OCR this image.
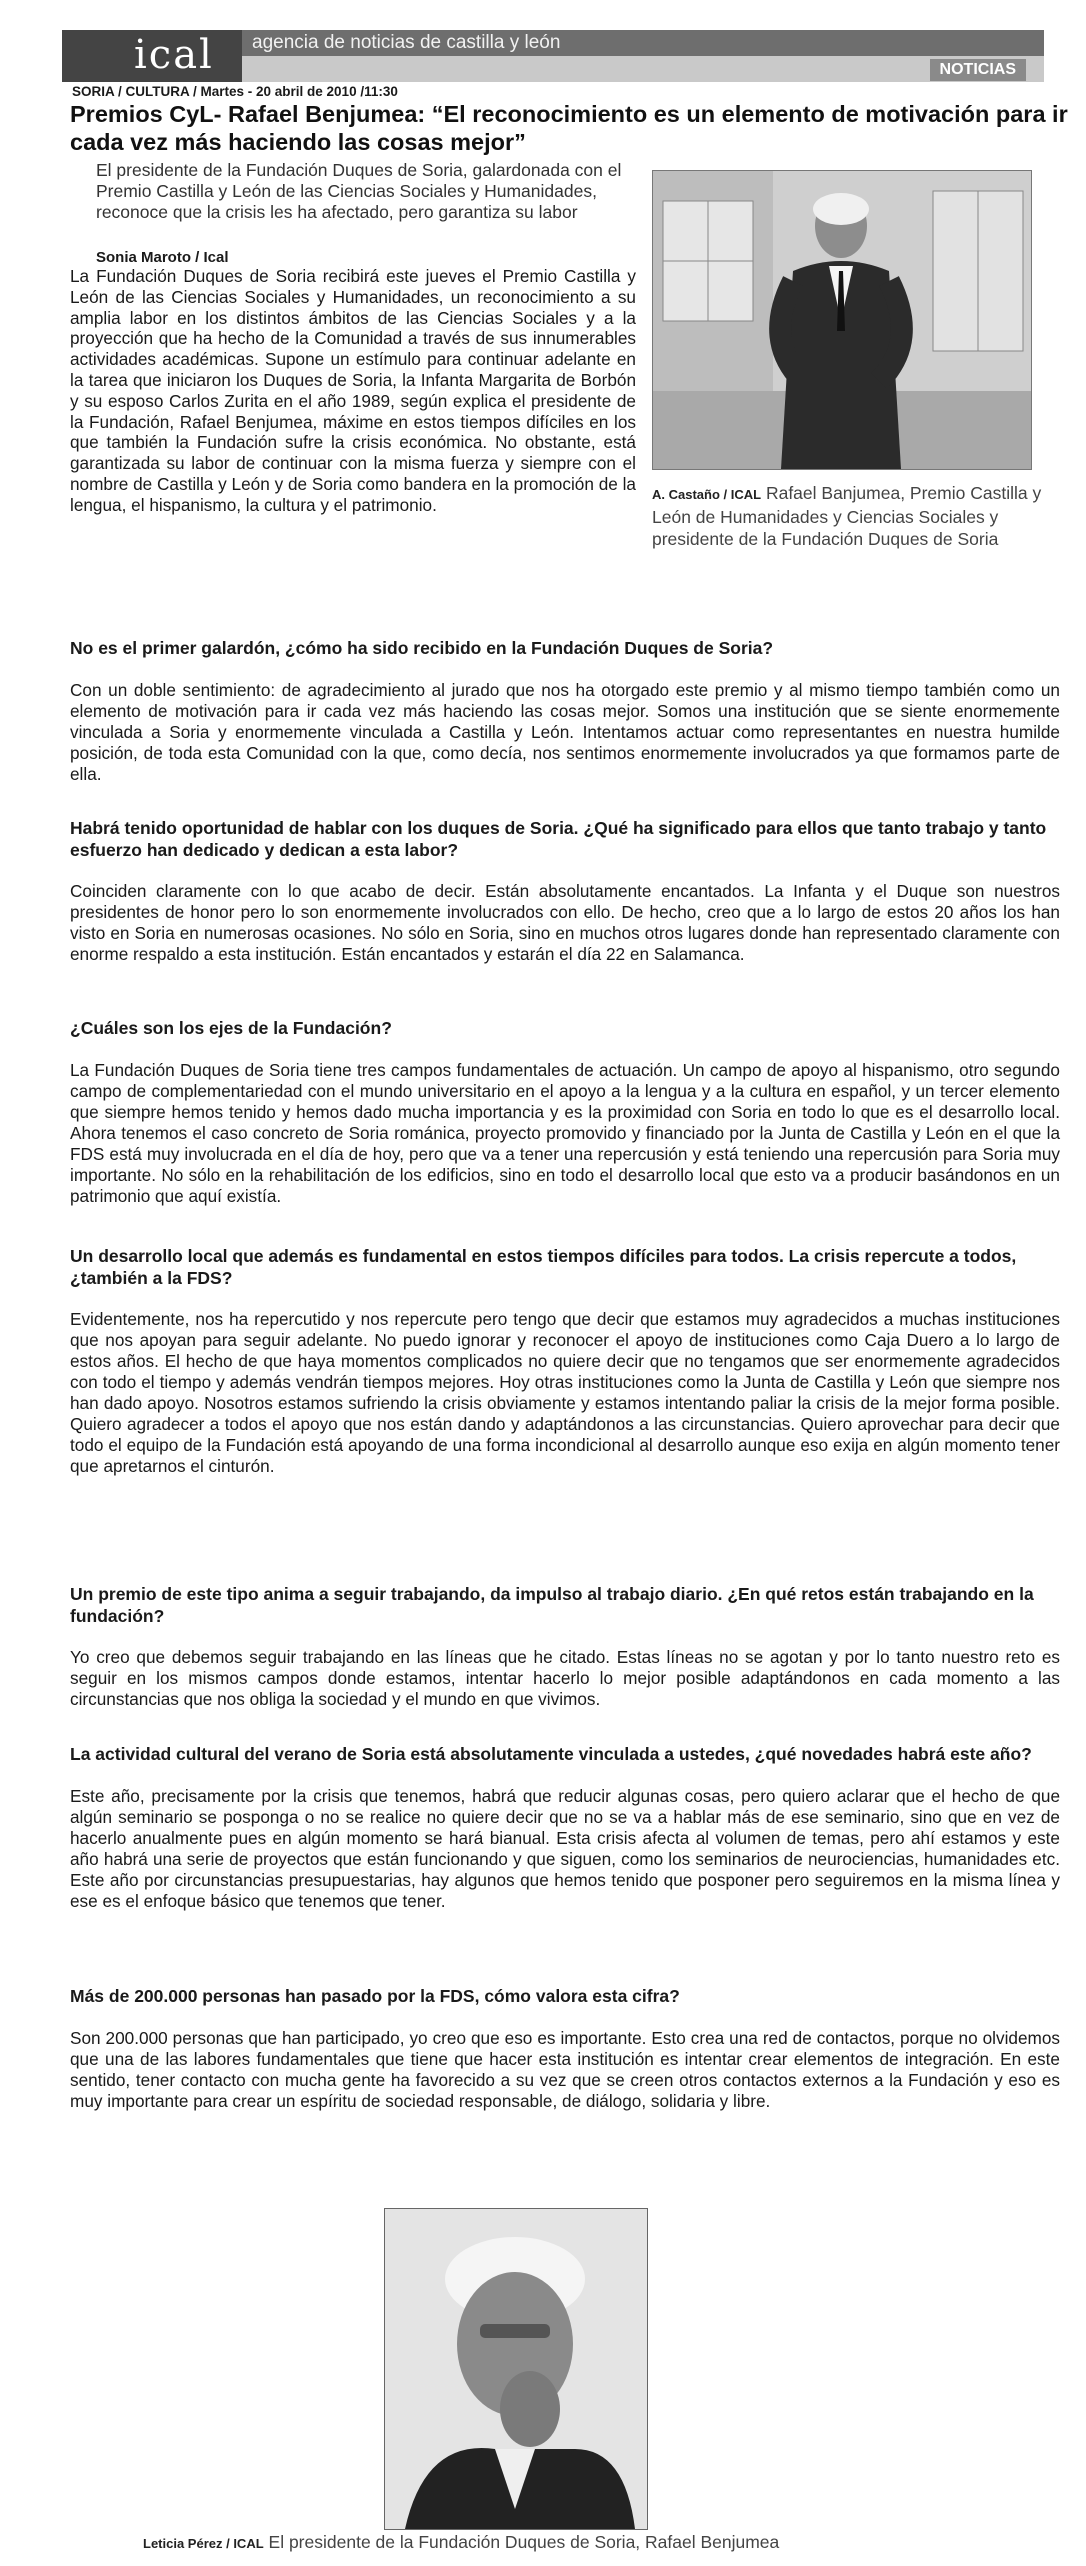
ical agencia de noticias de castilla y león
NOTICIAS
SORIA / CULTURA / Martes - 20 abril de 2010 /11:30
Premios CyL- Rafael Benjumea: “El reconocimiento es un elemento de motivación para ir cada vez más haciendo las cosas mejor”
El presidente de la Fundación Duques de Soria, galardonada con el Premio Castilla y León de las Ciencias Sociales y Humanidades, reconoce que la crisis les ha afectado, pero garantiza su labor
Sonia Maroto / Ical
La Fundación Duques de Soria recibirá este jueves el Premio Castilla y León de las Ciencias Sociales y Humanidades, un reconocimiento a su amplia labor en los distintos ámbitos de las Ciencias Sociales y a la proyección que ha hecho de la Comunidad a través de sus innumerables actividades académicas. Supone un estímulo para continuar adelante en la tarea que iniciaron los Duques de Soria, la Infanta Margarita de Borbón y su esposo Carlos Zurita en el año 1989, según explica el presidente de la Fundación, Rafael Benjumea, máxime en estos tiempos difíciles en los que también la Fundación sufre la crisis económica. No obstante, está garantizada su labor de continuar con la misma fuerza y siempre con el nombre de Castilla y León y de Soria como bandera en la promoción de la lengua, el hispanismo, la cultura y el patrimonio.
A. Castaño / ICAL Rafael Banjumea, Premio Castilla y León de Humanidades y Ciencias Sociales y presidente de la Fundación Duques de Soria

No es el primer galardón, ¿cómo ha sido recibido en la Fundación Duques de Soria?

Con un doble sentimiento: de agradecimiento al jurado que nos ha otorgado este premio y al mismo tiempo también como un elemento de motivación para ir cada vez más haciendo las cosas mejor. Somos una institución que se siente enormemente vinculada a Soria y enormemente vinculada a Castilla y León. Intentamos actuar como representantes en nuestra humilde posición, de toda esta Comunidad con la que, como decía, nos sentimos enormemente involucrados ya que formamos parte de ella.

Habrá tenido oportunidad de hablar con los duques de Soria. ¿Qué ha significado para ellos que tanto trabajo y tanto esfuerzo han dedicado y dedican a esta labor?

Coinciden claramente con lo que acabo de decir. Están absolutamente encantados. La Infanta y el Duque son nuestros presidentes de honor pero lo son enormemente involucrados con ello. De hecho, creo que a lo largo de estos 20 años los han visto en Soria en numerosas ocasiones. No sólo en Soria, sino en muchos otros lugares donde han representado claramente con enorme respaldo a esta institución. Están encantados y estarán el día 22 en Salamanca.

¿Cuáles son los ejes de la Fundación?

La Fundación Duques de Soria tiene tres campos fundamentales de actuación. Un campo de apoyo al hispanismo, otro segundo campo de complementariedad con el mundo universitario en el apoyo a la lengua y a la cultura en español, y un tercer elemento que siempre hemos tenido y hemos dado mucha importancia y es la proximidad con Soria en todo lo que es el desarrollo local. Ahora tenemos el caso concreto de Soria románica, proyecto promovido y financiado por la Junta de Castilla y León en el que la FDS está muy involucrada en el día de hoy, pero que va a tener una repercusión y está teniendo una repercusión para Soria muy importante. No sólo en la rehabilitación de los edificios, sino en todo el desarrollo local que esto va a producir basándonos en un patrimonio que aquí existía.

Un desarrollo local que además es fundamental en estos tiempos difíciles para todos. La crisis repercute a todos, ¿también a la FDS?

Evidentemente, nos ha repercutido y nos repercute pero tengo que decir que estamos muy agradecidos a muchas instituciones que nos apoyan para seguir adelante. No puedo ignorar y reconocer el apoyo de instituciones como Caja Duero a lo largo de estos años. El hecho de que haya momentos complicados no quiere decir que no tengamos que ser enormemente agradecidos con todo el tiempo y además vendrán tiempos mejores. Hoy otras instituciones como la Junta de Castilla y León que siempre nos han dado apoyo. Nosotros estamos sufriendo la crisis obviamente y estamos intentando paliar la crisis de la mejor forma posible. Quiero agradecer a todos el apoyo que nos están dando y adaptándonos a las circunstancias. Quiero aprovechar para decir que todo el equipo de la Fundación está apoyando de una forma incondicional al desarrollo aunque eso exija en algún momento tener que apretarnos el cinturón.

Un premio de este tipo anima a seguir trabajando, da impulso al trabajo diario. ¿En qué retos están trabajando en la fundación?

Yo creo que debemos seguir trabajando en las líneas que he citado. Estas líneas no se agotan y por lo tanto nuestro reto es seguir en los mismos campos donde estamos, intentar hacerlo lo mejor posible adaptándonos en cada momento a las circunstancias que nos obliga la sociedad y el mundo en que vivimos.

La actividad cultural del verano de Soria está absolutamente vinculada a ustedes, ¿qué novedades habrá este año?

Este año, precisamente por la crisis que tenemos, habrá que reducir algunas cosas, pero quiero aclarar que el hecho de que algún seminario se posponga o no se realice no quiere decir que no se va a hablar más de ese seminario, sino que en vez de hacerlo anualmente pues en algún momento se hará bianual. Esta crisis afecta al volumen de temas, pero ahí estamos y este año habrá una serie de proyectos que están funcionando y que siguen, como los seminarios de neurociencias, humanidades etc. Este año por circunstancias presupuestarias, hay algunos que hemos tenido que posponer pero seguiremos en la misma línea y ese es el enfoque básico que tenemos que tener.

Más de 200.000 personas han pasado por la FDS, cómo valora esta cifra?

Son 200.000 personas que han participado, yo creo que eso es importante. Esto crea una red de contactos, porque no olvidemos que una de las labores fundamentales que tiene que hacer esta institución es intentar crear elementos de integración. En este sentido, tener contacto con mucha gente ha favorecido a su vez que se creen otros contactos externos a la Fundación y eso es muy importante para crear un espíritu de sociedad responsable, de diálogo, solidaria y libre.

Leticia Pérez / ICAL El presidente de la Fundación Duques de Soria, Rafael Benjumea
